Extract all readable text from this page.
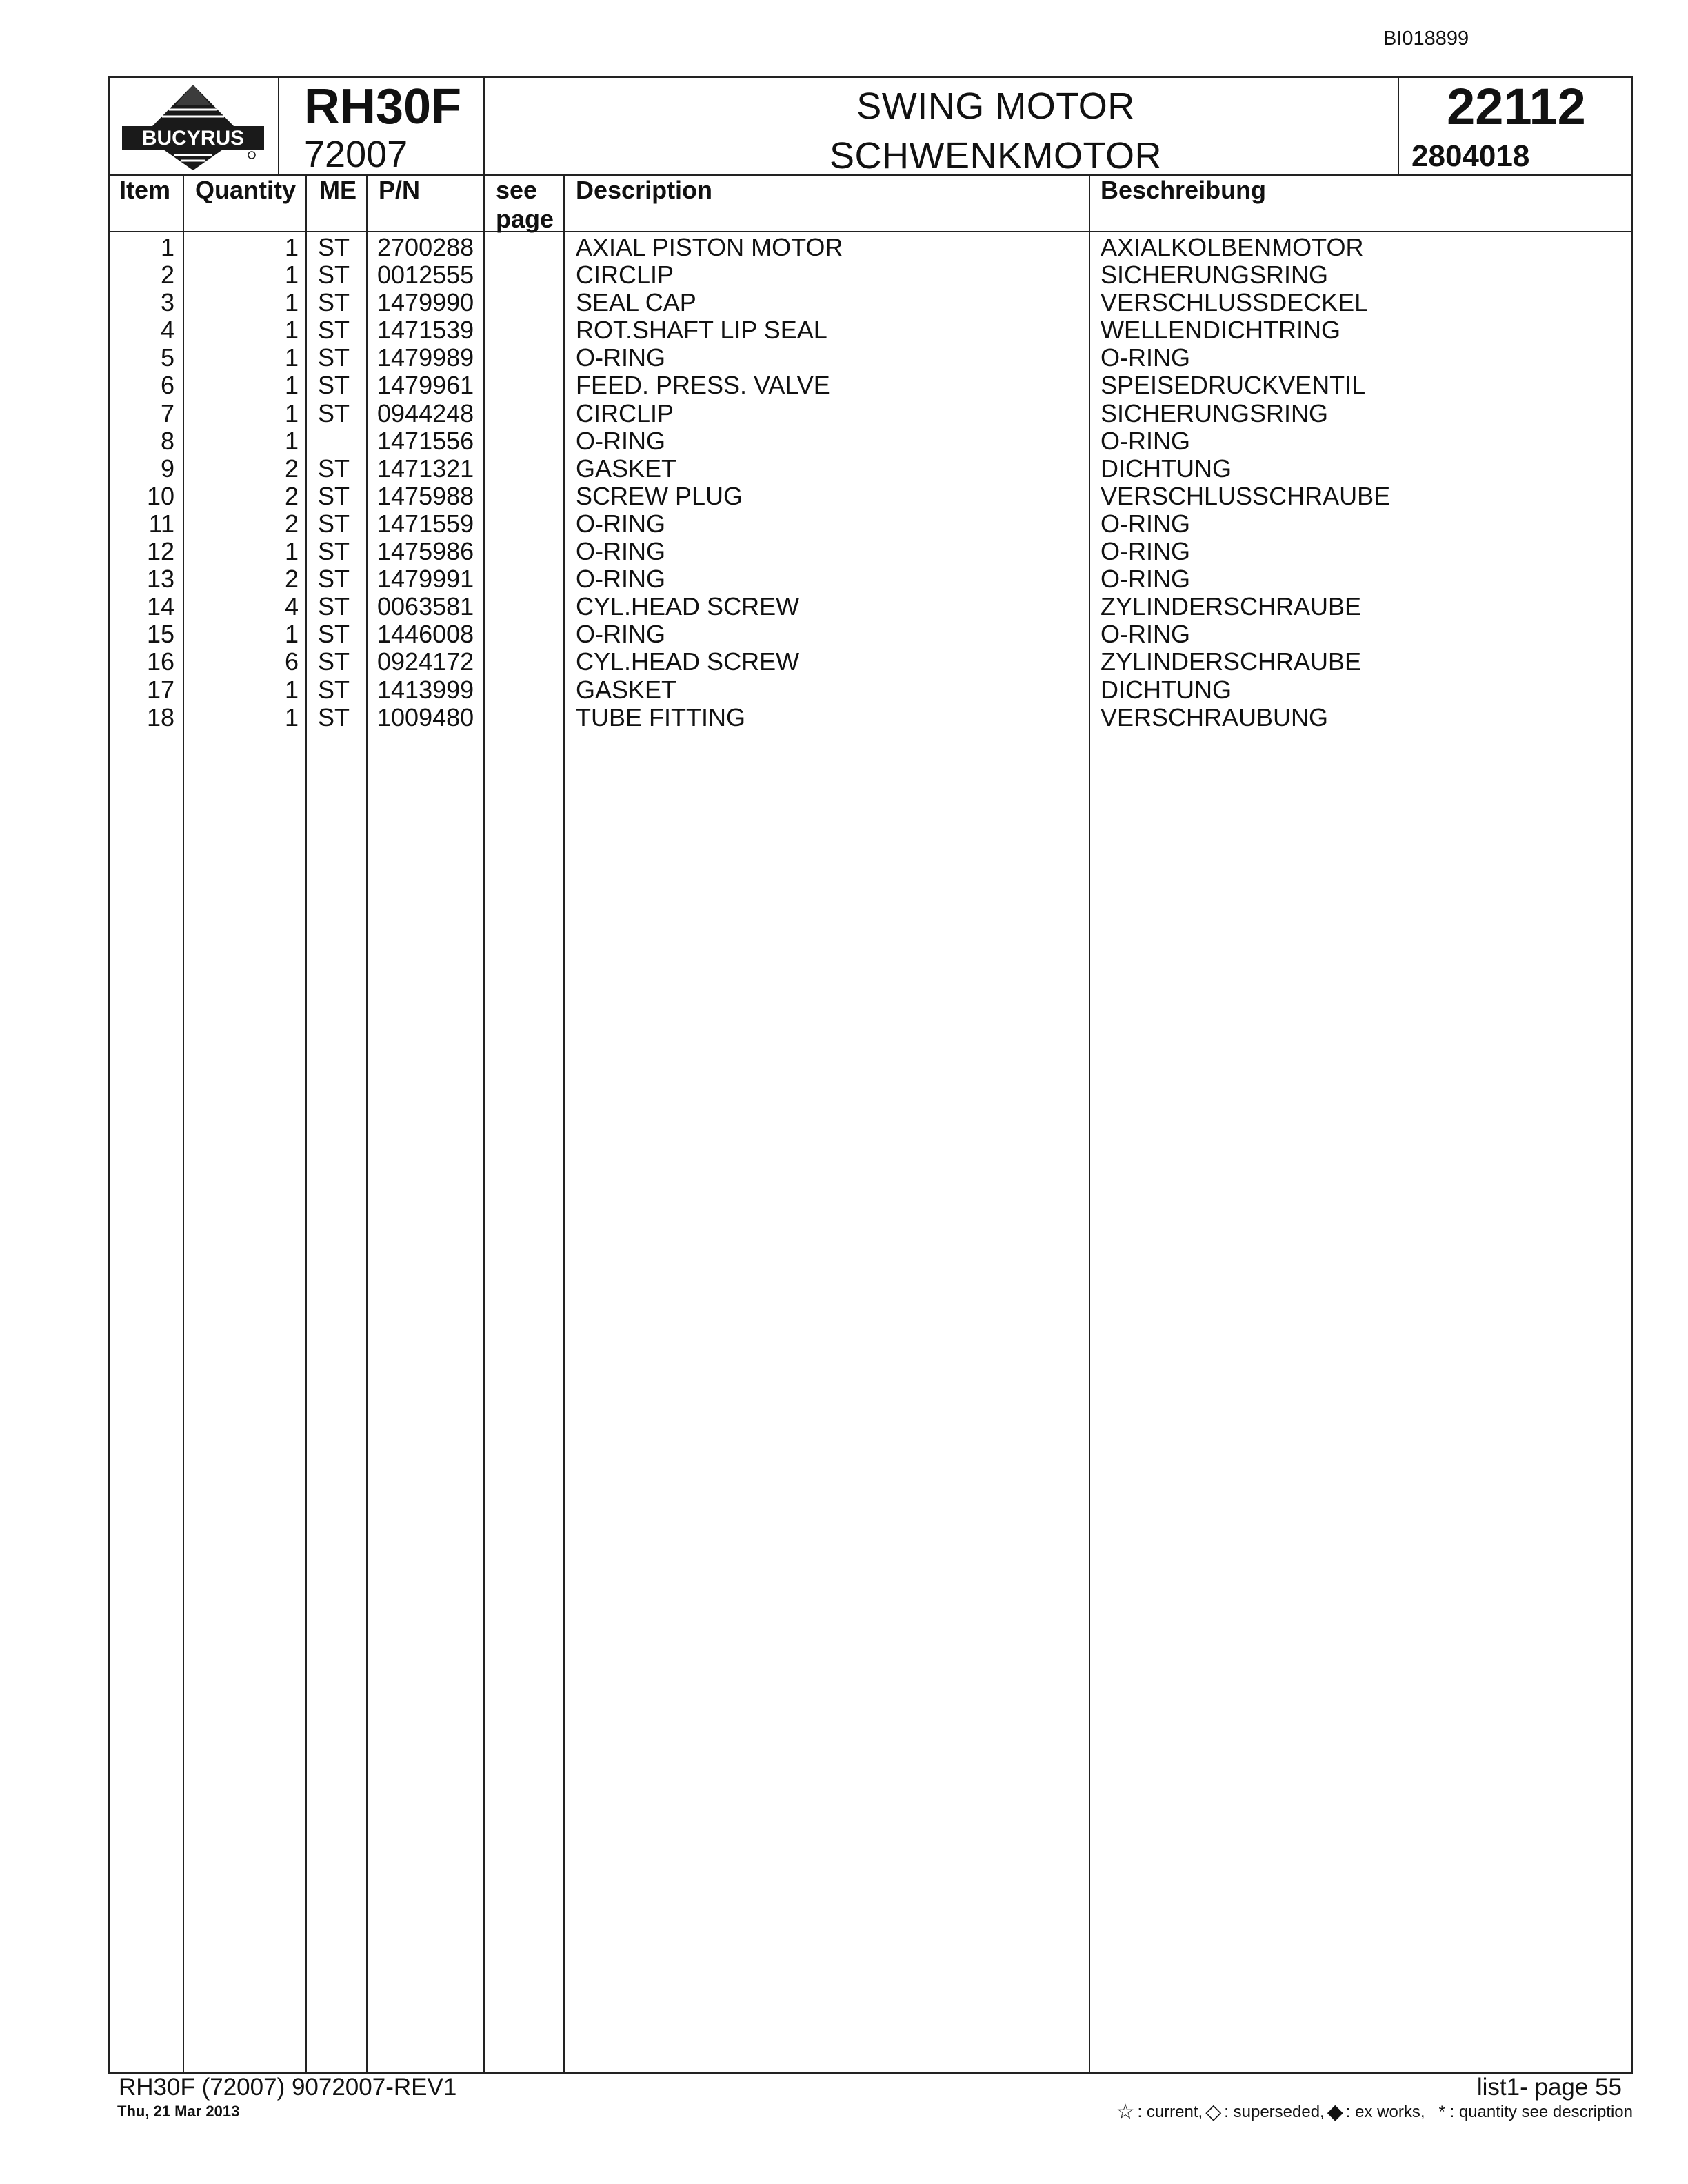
BI018899
BUCYRUS
RH30F
72007
SWING MOTOR
SCHWENKMOTOR
22112
2804018
Item Quantity ME P/N	see
page
Description	Beschreibung
1	1 ST 2700288	AXIAL PISTON MOTOR	AXIALKOLBENMOTOR
2	1 ST 0012555	CIRCLIP	SICHERUNGSRING
3	1 ST 1479990	SEAL CAP	VERSCHLUSSDECKEL
4	1 ST 1471539	ROT.SHAFT LIP SEAL	WELLENDICHTRING
5	1 ST 1479989	O-RING	O-RING
6	1 ST 1479961	FEED. PRESS. VALVE	SPEISEDRUCKVENTIL
7	1 ST 0944248	CIRCLIP	SICHERUNGSRING
8	1	1471556	O-RING	O-RING
9	2 ST 1471321	GASKET	DICHTUNG
10	2 ST 1475988	SCREW PLUG	VERSCHLUSSCHRAUBE
11	2 ST 1471559	O-RING	O-RING
12	1 ST 1475986	O-RING	O-RING
13	2 ST 1479991	O-RING	O-RING
14	4 ST 0063581	CYL.HEAD SCREW	ZYLINDERSCHRAUBE
15	1 ST 1446008	O-RING	O-RING
16	6 ST 0924172	CYL.HEAD SCREW	ZYLINDERSCHRAUBE
17	1 ST 1413999	GASKET	DICHTUNG
18	1 ST 1009480	TUBE FITTING	VERSCHRAUBUNG
RH30F (72007) 9072007-REV1
Thu, 21 Mar 2013
list1- page 55
☆ : current, ◇ : superseded, ◆ : ex works, * : quantity see description
